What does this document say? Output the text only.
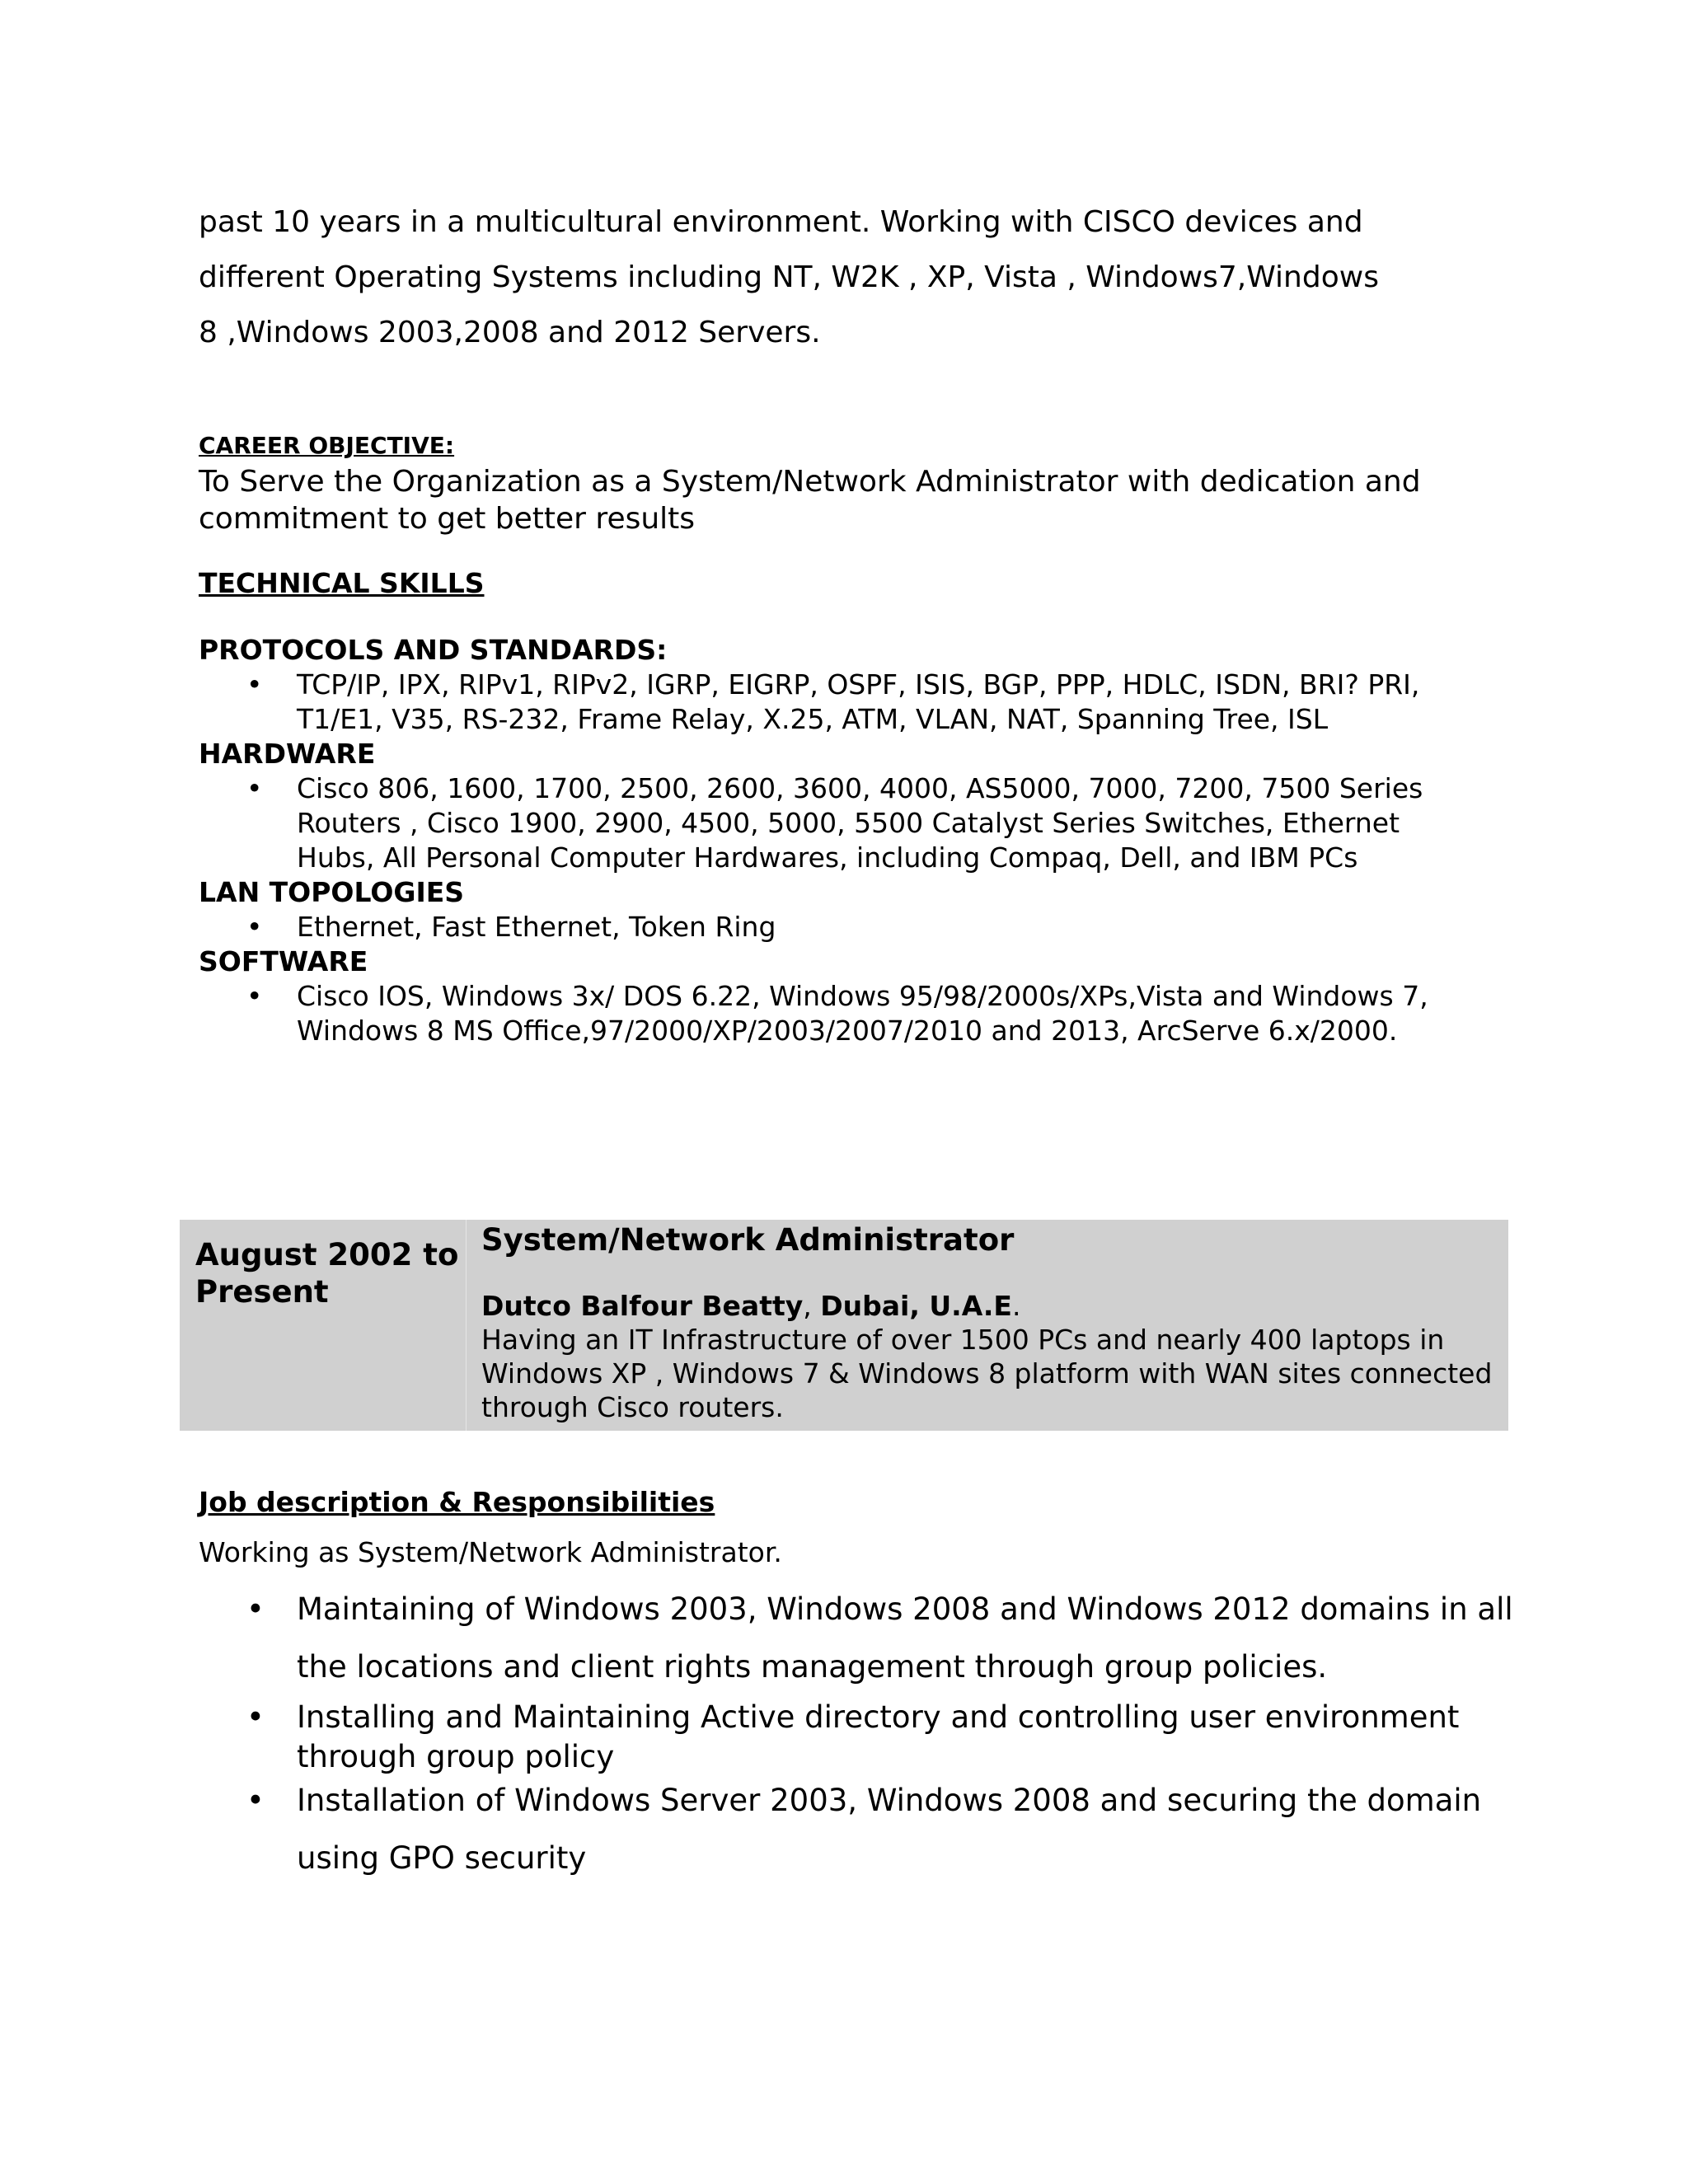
past 10 years in a multicultural environment. Working with CISCO devices and

different Operating Systems including NT, W2K , XP, Vista , Windows7,Windows

8 ,Windows 2003,2008 and 2012 Servers.

CAREER OBJECTIVE:
To Serve the Organization as a System/Network Administrator with dedication and commitment to get better results
TECHNICAL SKILLS

PROTOCOLS AND STANDARDS:

• TCP/IP, IPX, RIPv1, RIPv2, IGRP, EIGRP, OSPF, ISIS, BGP, PPP, HDLC, ISDN, BRI? PRI, T1/E1, V35, RS-232, Frame Relay, X.25, ATM, VLAN, NAT, Spanning Tree, ISL

HARDWARE

• Cisco 806, 1600, 1700, 2500, 2600, 3600, 4000, AS5000, 7000, 7200, 7500 Series Routers , Cisco 1900, 2900, 4500, 5000, 5500 Catalyst Series Switches, Ethernet Hubs, All Personal Computer Hardwares, including Compaq, Dell, and IBM PCs

LAN TOPOLOGIES

• Ethernet, Fast Ethernet, Token Ring

SOFTWARE

• Cisco IOS, Windows 3x/ DOS 6.22, Windows 95/98/2000s/XPs,Vista and Windows 7, Windows 8 MS Office,97/2000/XP/2003/2007/2010 and 2013, ArcServe 6.x/2000.
August 2002 to Present
System/Network Administrator
Dutco Balfour Beatty, Dubai, U.A.E.
Having an IT Infrastructure of over 1500 PCs and nearly 400 laptops in Windows XP , Windows 7 & Windows 8 platform with WAN sites connected through Cisco routers.
Job description & Responsibilities
Working as System/Network Administrator.
• Maintaining of Windows 2003, Windows 2008 and Windows 2012 domains in all the locations and client rights management through group policies.
• Installing and Maintaining Active directory and controlling user environment through group policy
• Installation of Windows Server 2003, Windows 2008 and securing the domain using GPO security
